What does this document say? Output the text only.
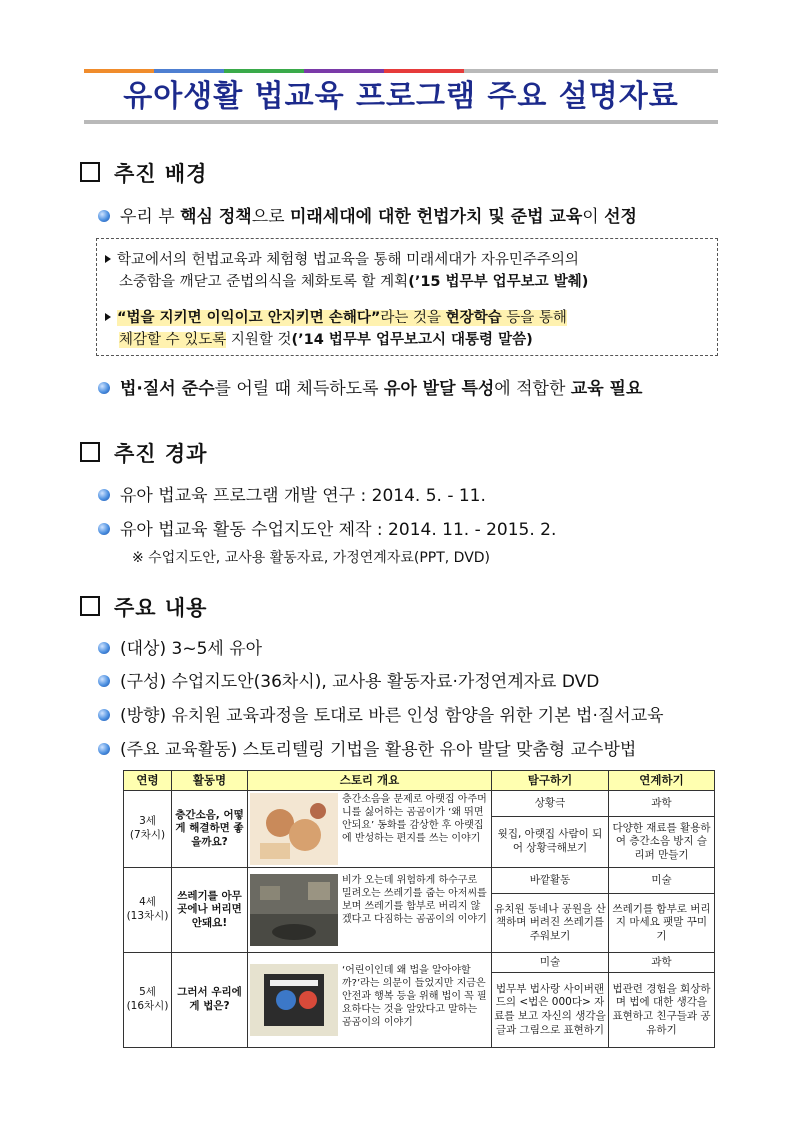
유아생활 법교육 프로그램 주요 설명자료
추진 배경
우리 부 핵심 정책으로 미래세대에 대한 헌법가치 및 준법 교육이 선정
학교에서의 헌법교육과 체험형 법교육을 통해 미래세대가 자유민주주의의
소중함을 깨닫고 준법의식을 체화토록 할 계획(’15 법무부 업무보고 발췌)
“법을 지키면 이익이고 안지키면 손해다”라는 것을 현장학습 등을 통해
체감할 수 있도록 지원할 것(’14 법무부 업무보고시 대통령 말씀)
법·질서 준수를 어릴 때 체득하도록 유아 발달 특성에 적합한 교육 필요
추진 경과
유아 법교육 프로그램 개발 연구 : 2014. 5. - 11.
유아 법교육 활동 수업지도안 제작 : 2014. 11. - 2015. 2.
※ 수업지도안, 교사용 활동자료, 가정연계자료(PPT, DVD)
주요 내용
(대상) 3~5세 유아
(구성) 수업지도안(36차시), 교사용 활동자료·가정연계자료 DVD
(방향) 유치원 교육과정을 토대로 바른 인성 함양을 위한 기본 법·질서교육
(주요 교육활동) 스토리텔링 기법을 활용한 유아 발달 맞춤형 교수방법
연령	활동명	스토리 개요	탐구하기	연계하기

3세
(7차시)	층간소음, 어떻게 해결하면 좋을까요?	층간소음을 문제로 아랫집 아주머니를 싫어하는 곰곰이가 ‘왜 뛰면 안되요’ 동화를 감상한 후 아랫집에 반성하는 편지를 쓰는 이야기	상황극	과학
			윗집, 아랫집 사람이 되어 상황극해보기	다양한 재료를 활용하여 층간소음 방지 슬리퍼 만들기

4세
(13차시)	쓰레기를 아무 곳에나 버리면 안돼요!	비가 오는데 위험하게 하수구로 밀려오는 쓰레기를 줍는 아저씨를 보며 쓰레기를 함부로 버리지 않겠다고 다짐하는 곰곰이의 이야기	바깥활동	미술
			유치원 동네나 공원을 산책하며 버려진 쓰레기를 주워보기	쓰레기를 함부로 버리지 마세요 팻말 꾸미기

5세
(16차시)	그러서 우리에게 법은?	‘어린이인데 왜 법을 알아야할까?’라는 의문이 들었지만 지금은 안전과 행복 등을 위해 법이 꼭 필요하다는 것을 알았다고 말하는 곰곰이의 이야기	미술	과학
			법무부 법사랑 사이버랜드의 <법은 000다> 자료를 보고 자신의 생각을 글과 그림으로 표현하기	법관련 경험을 회상하며 법에 대한 생각을 표현하고 친구들과 공유하기
